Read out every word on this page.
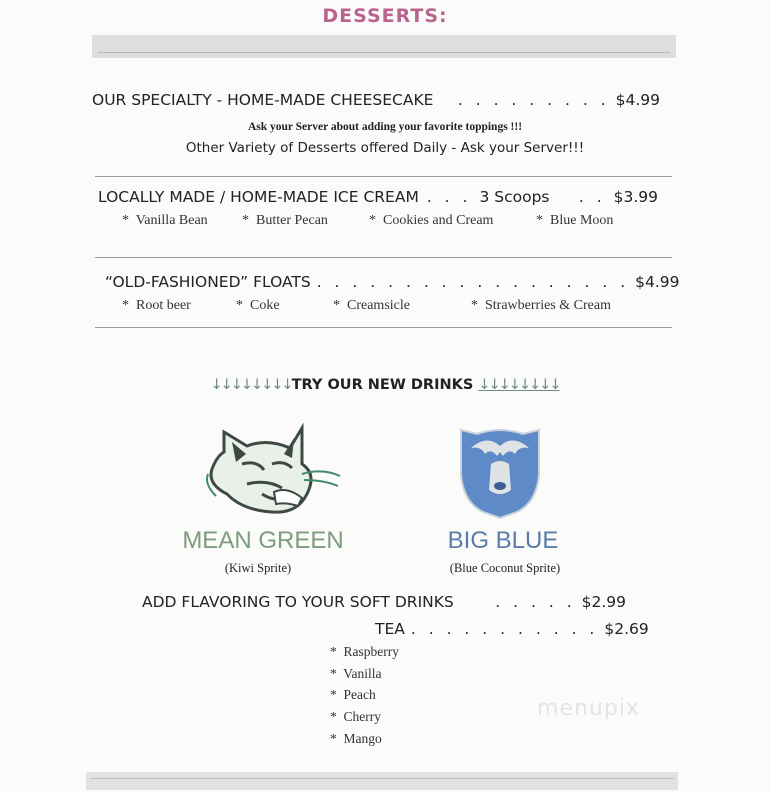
DESSERTS:
OUR SPECIALTY - HOME-MADE CHEESECAKE	. . . . . . . . . $4.99
Ask your Server about adding your favorite toppings !!!
Other Variety of Desserts offered Daily - Ask your Server!!!
LOCALLY MADE / HOME-MADE ICE CREAM . . . 3 Scoops	. . $3.99
* Vanilla Bean * Butter Pecan	* Cookies and Cream	* Blue Moon
“OLD-FASHIONED” FLOATS . . . . . . . . . . . . . . . . . . $4.99
* Root beer	* Coke	* Creamsicle	* Strawberries & Cream
↓↓↓↓↓↓↓↓TRY OUR NEW DRINKS ↓↓↓↓↓↓↓↓
MEAN GREEN
(Kiwi Sprite)
BIG BLUE
(Blue Coconut Sprite)
ADD FLAVORING TO YOUR SOFT DRINKS	. . . . . $2.99
TEA . . . . . . . . . . . $2.69
* Raspberry
* Vanilla
* Peach
* Cherry
* Mango
menupix
